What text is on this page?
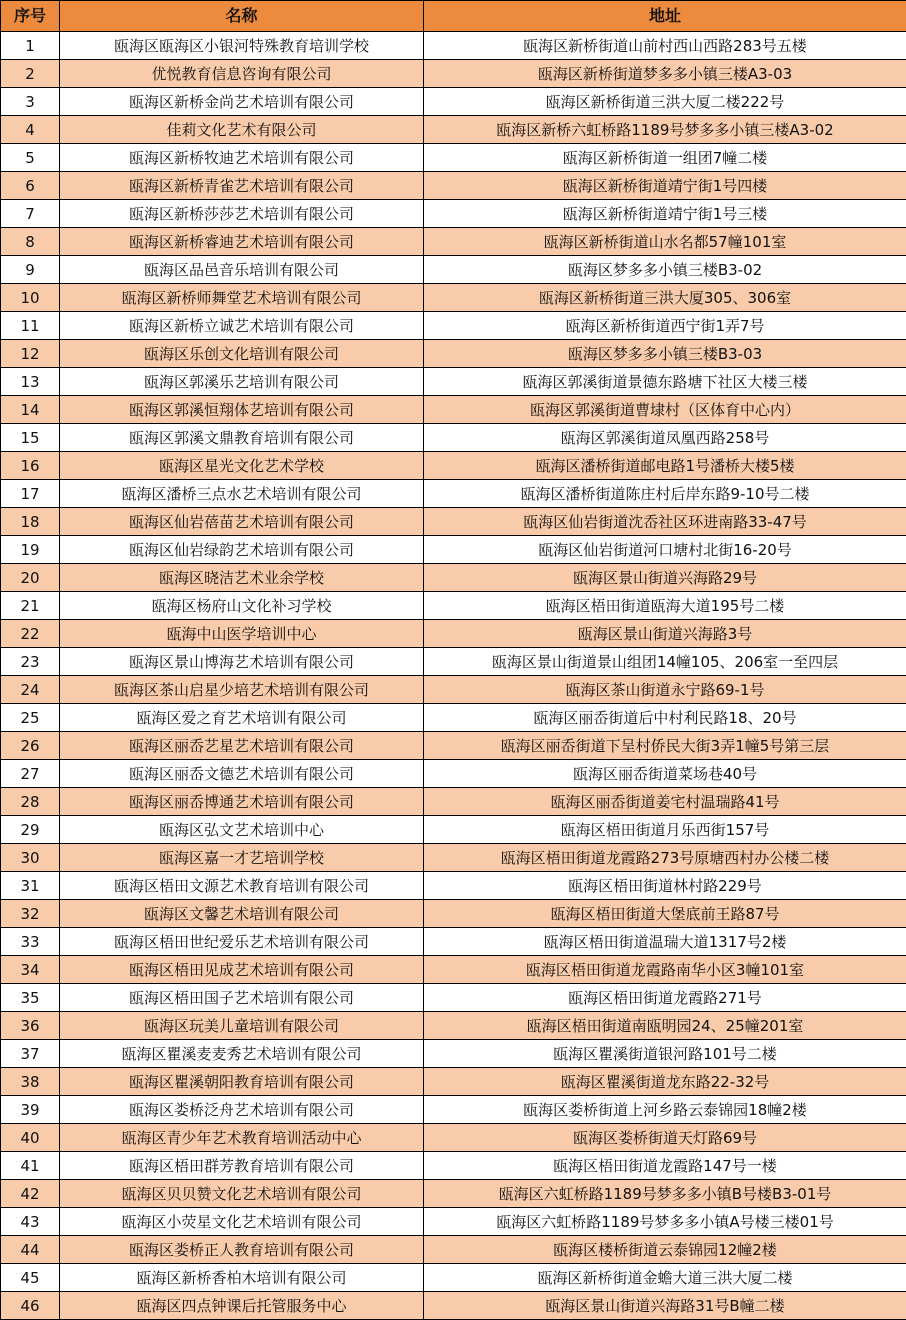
序号	名称	地址
1	瓯海区瓯海区小银河特殊教育培训学校	瓯海区新桥街道山前村西山西路283号五楼
2	优悦教育信息咨询有限公司	瓯海区新桥街道梦多多小镇三楼A3-03
3	瓯海区新桥金尚艺术培训有限公司	瓯海区新桥街道三洪大厦二楼222号
4	佳莉文化艺术有限公司	瓯海区新桥六虹桥路1189号梦多多小镇三楼A3-02
5	瓯海区新桥牧迪艺术培训有限公司	瓯海区新桥街道一组团7幢二楼
6	瓯海区新桥青雀艺术培训有限公司	瓯海区新桥街道靖宁街1号四楼
7	瓯海区新桥莎莎艺术培训有限公司	瓯海区新桥街道靖宁街1号三楼
8	瓯海区新桥睿迪艺术培训有限公司	瓯海区新桥街道山水名都57幢101室
9	瓯海区品邑音乐培训有限公司	瓯海区梦多多小镇三楼B3-02
10	瓯海区新桥师舞堂艺术培训有限公司	瓯海区新桥街道三洪大厦305、306室
11	瓯海区新桥立诚艺术培训有限公司	瓯海区新桥街道西宁街1弄7号
12	瓯海区乐创文化培训有限公司	瓯海区梦多多小镇三楼B3-03
13	瓯海区郭溪乐艺培训有限公司	瓯海区郭溪街道景德东路塘下社区大楼三楼
14	瓯海区郭溪恒翔体艺培训有限公司	瓯海区郭溪街道曹埭村（区体育中心内）
15	瓯海区郭溪文鼎教育培训有限公司	瓯海区郭溪街道凤凰西路258号
16	瓯海区星光文化艺术学校	瓯海区潘桥街道邮电路1号潘桥大楼5楼
17	瓯海区潘桥三点水艺术培训有限公司	瓯海区潘桥街道陈庄村后岸东路9-10号二楼
18	瓯海区仙岩蓓苗艺术培训有限公司	瓯海区仙岩街道沈岙社区环进南路33-47号
19	瓯海区仙岩绿韵艺术培训有限公司	瓯海区仙岩街道河口塘村北街16-20号
20	瓯海区晓洁艺术业余学校	瓯海区景山街道兴海路29号
21	瓯海区杨府山文化补习学校	瓯海区梧田街道瓯海大道195号二楼
22	瓯海中山医学培训中心	瓯海区景山街道兴海路3号
23	瓯海区景山博海艺术培训有限公司	瓯海区景山街道景山组团14幢105、206室一至四层
24	瓯海区茶山启星少培艺术培训有限公司	瓯海区茶山街道永宁路69-1号
25	瓯海区爱之育艺术培训有限公司	瓯海区丽岙街道后中村利民路18、20号
26	瓯海区丽岙艺星艺术培训有限公司	瓯海区丽岙街道下呈村侨民大街3弄1幢5号第三层
27	瓯海区丽岙文德艺术培训有限公司	瓯海区丽岙街道菜场巷40号
28	瓯海区丽岙博通艺术培训有限公司	瓯海区丽岙街道姜宅村温瑞路41号
29	瓯海区弘文艺术培训中心	瓯海区梧田街道月乐西街157号
30	瓯海区嘉一才艺培训学校	瓯海区梧田街道龙霞路273号原塘西村办公楼二楼
31	瓯海区梧田文源艺术教育培训有限公司	瓯海区梧田街道林村路229号
32	瓯海区文馨艺术培训有限公司	瓯海区梧田街道大堡底前王路87号
33	瓯海区梧田世纪爱乐艺术培训有限公司	瓯海区梧田街道温瑞大道1317号2楼
34	瓯海区梧田见成艺术培训有限公司	瓯海区梧田街道龙霞路南华小区3幢101室
35	瓯海区梧田国子艺术培训有限公司	瓯海区梧田街道龙霞路271号
36	瓯海区玩美儿童培训有限公司	瓯海区梧田街道南瓯明园24、25幢201室
37	瓯海区瞿溪麦麦秀艺术培训有限公司	瓯海区瞿溪街道银河路101号二楼
38	瓯海区瞿溪朝阳教育培训有限公司	瓯海区瞿溪街道龙东路22-32号
39	瓯海区娄桥泛舟艺术培训有限公司	瓯海区娄桥街道上河乡路云泰锦园18幢2楼
40	瓯海区青少年艺术教育培训活动中心	瓯海区娄桥街道天灯路69号
41	瓯海区梧田群芳教育培训有限公司	瓯海区梧田街道龙霞路147号一楼
42	瓯海区贝贝赞文化艺术培训有限公司	瓯海区六虹桥路1189号梦多多小镇B号楼B3-01号
43	瓯海区小荧星文化艺术培训有限公司	瓯海区六虹桥路1189号梦多多小镇A号楼三楼01号
44	瓯海区娄桥正人教育培训有限公司	瓯海区楼桥街道云泰锦园12幢2楼
45	瓯海区新桥香柏木培训有限公司	瓯海区新桥街道金蟾大道三洪大厦二楼
46	瓯海区四点钟课后托管服务中心	瓯海区景山街道兴海路31号B幢二楼
